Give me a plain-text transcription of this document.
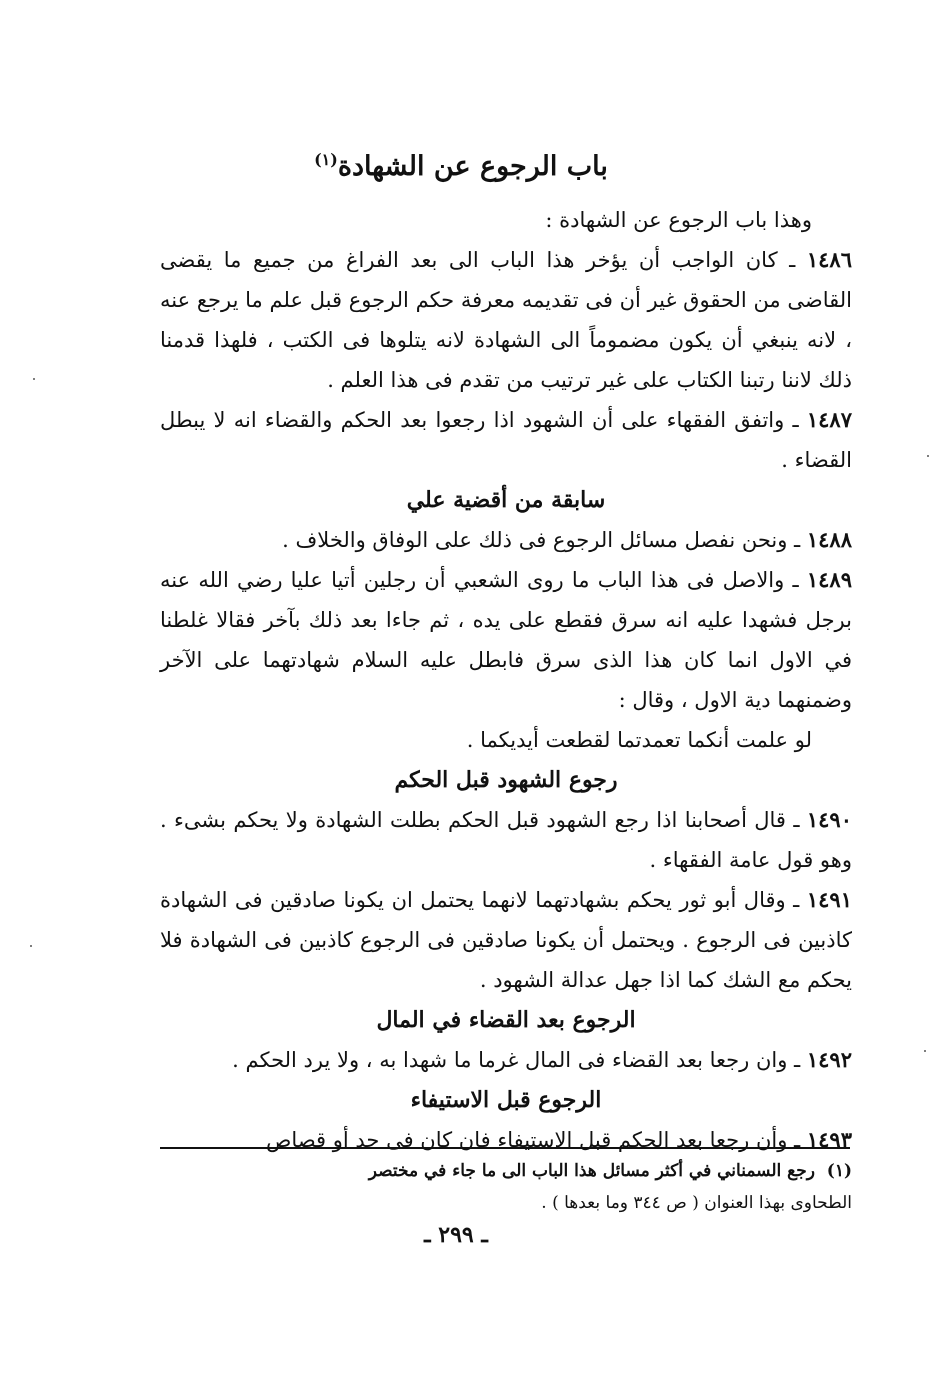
باب الرجوع عن الشهادة$^{(١)}$

وهذا باب الرجوع عن الشهادة :

١٤٨٦ ـ كان الواجب أن يؤخر هذا الباب الى بعد الفراغ من جميع ما يقضى القاضى من الحقوق غير أن فى تقديمه معرفة حكم الرجوع قبل علم ما يرجع عنه ، لانه ينبغي أن يكون مضموماً الى الشهادة لانه يتلوها فى الكتب ، فلهذا قدمنا ذلك لاننا رتبنا الكتاب على غير ترتيب من تقدم فى هذا العلم .

١٤٨٧ ـ واتفق الفقهاء على أن الشهود اذا رجعوا بعد الحكم والقضاء انه لا يبطل القضاء .

سابقة من أقضية علي

١٤٨٨ ـ ونحن نفصل مسائل الرجوع فى ذلك على الوفاق والخلاف .

١٤٨٩ ـ والاصل فى هذا الباب ما روى الشعبي أن رجلين أتيا عليا رضي الله عنه برجل فشهدا عليه انه سرق فقطع على يده ، ثم جاءا بعد ذلك بآخر فقالا غلطنا في الاول انما كان هذا الذى سرق فابطل عليه السلام شهادتهما على الآخر وضمنهما دية الاول ، وقال :

لو علمت أنكما تعمدتما لقطعت أيديكما .

رجوع الشهود قبل الحكم

١٤٩٠ ـ قال أصحابنا اذا رجع الشهود قبل الحكم بطلت الشهادة ولا يحكم بشىء . وهو قول عامة الفقهاء .

١٤٩١ ـ وقال أبو ثور يحكم بشهادتهما لانهما يحتمل ان يكونا صادقين فى الشهادة كاذبين فى الرجوع . ويحتمل أن يكونا صادقين فى الرجوع كاذبين فى الشهادة فلا يحكم مع الشك كما اذا جهل عدالة الشهود .

الرجوع بعد القضاء في المال

١٤٩٢ ـ وان رجعا بعد القضاء فى المال غرما ما شهدا به ، ولا يرد الحكم .

الرجوع قبل الاستيفاء

١٤٩٣ ـ وأن رجعا بعد الحكم قبل الاستيفاء فان كان فى حد أو قصاص

(١)  رجع السمناني في أكثر مسائل هذا الباب الى ما جاء في مختصر
الطحاوى بهذا العنوان ( ص ٣٤٤ وما بعدها ) .
ـ ٢٩٩ ـ
